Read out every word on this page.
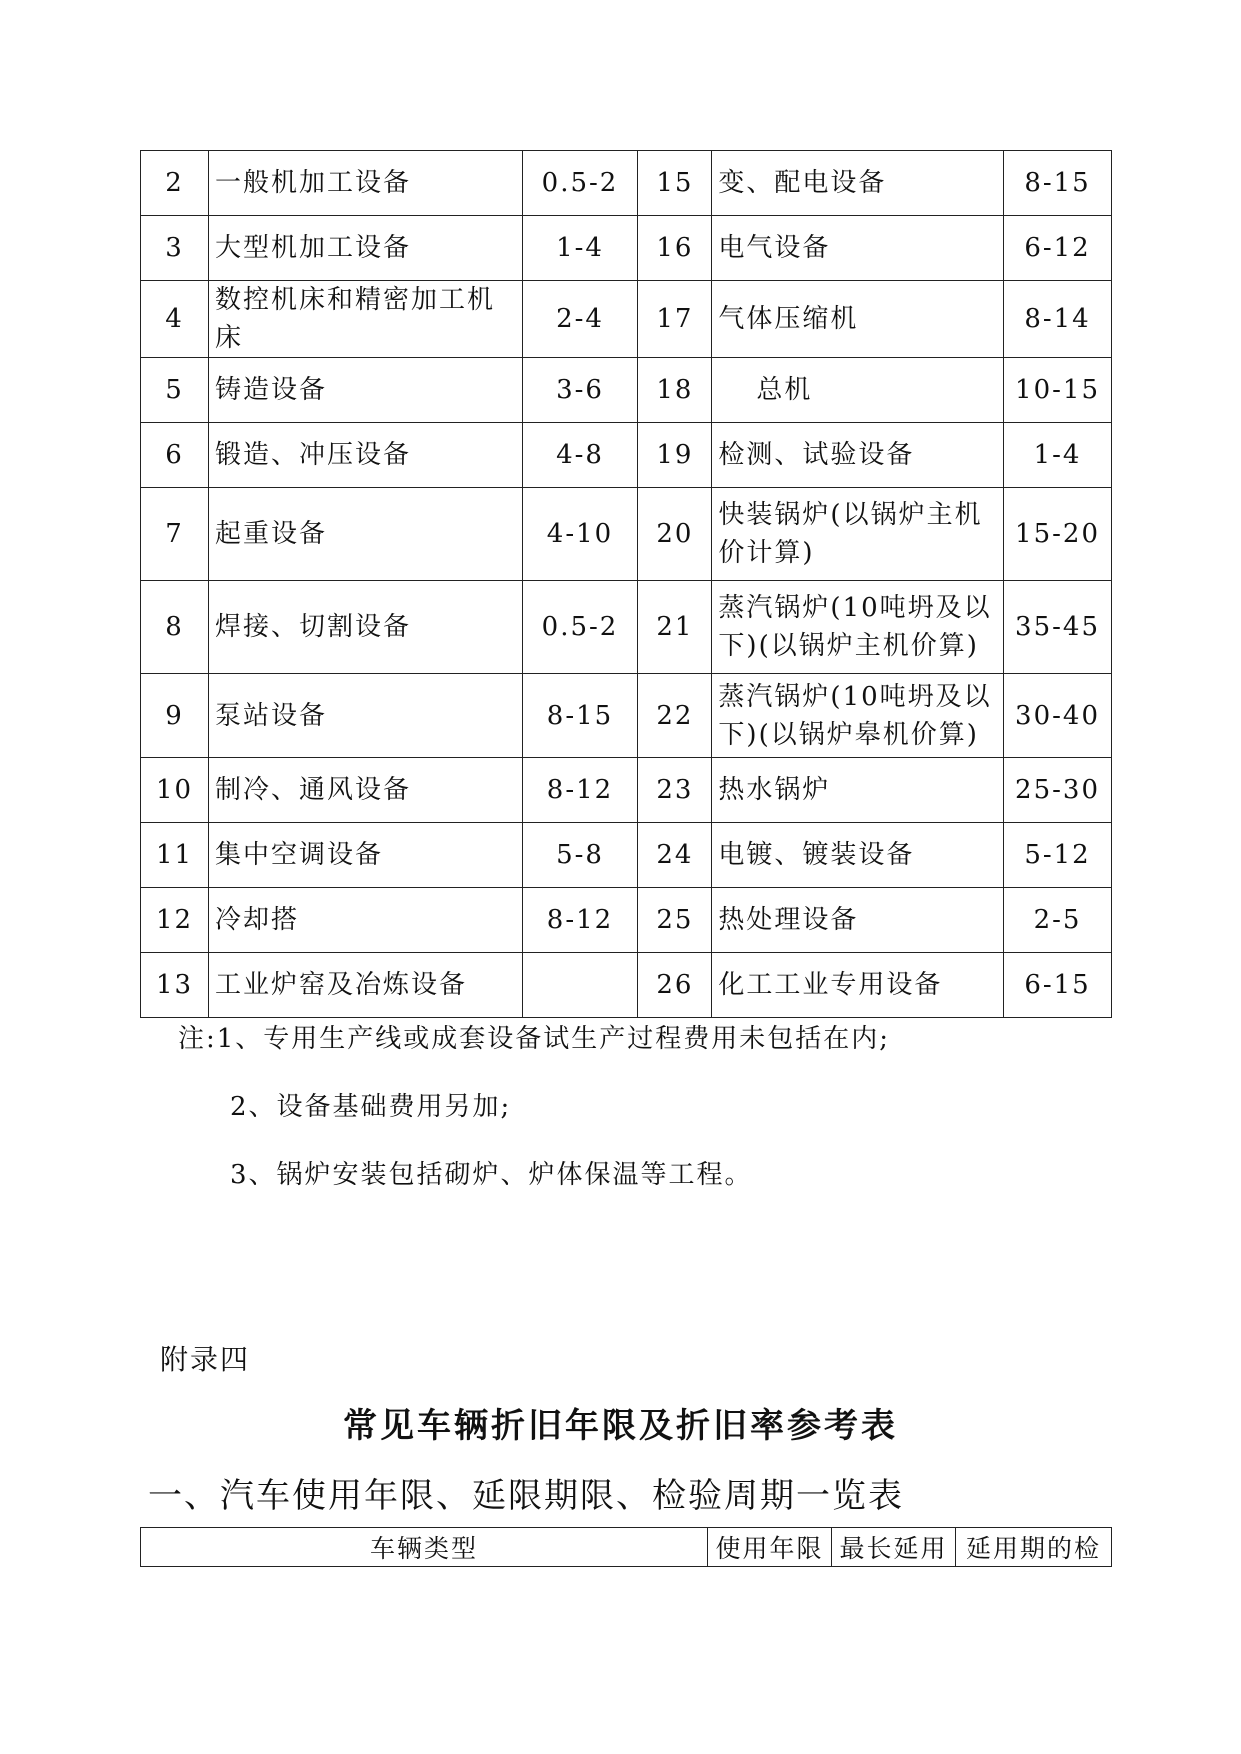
2	一般机加工设备	0.5-2	15	变、配电设备	8-15
3	大型机加工设备	1-4	16	电气设备	6-12
4	数控机床和精密加工机床	2-4	17	气体压缩机	8-14
5	铸造设备	3-6	18	总机	10-15
6	锻造、冲压设备	4-8	19	检测、试验设备	1-4
7	起重设备	4-10	20	快装锅炉(以锅炉主机价计算)	15-20
8	焊接、切割设备	0.5-2	21	蒸汽锅炉(10吨坍及以下)(以锅炉主机价算)	35-45
9	泵站设备	8-15	22	蒸汽锅炉(10吨坍及以下)(以锅炉皋机价算)	30-40
10	制冷、通风设备	8-12	23	热水锅炉	25-30
11	集中空调设备	5-8	24	电镀、镀装设备	5-12
12	冷却搭	8-12	25	热处理设备	2-5
13	工业炉窑及冶炼设备		26	化工工业专用设备	6-15
注:1、专用生产线或成套设备试生产过程费用未包括在内;
2、设备基础费用另加;
3、锅炉安装包括砌炉、炉体保温等工程。
附录四
常见车辆折旧年限及折旧率参考表
一、汽车使用年限、延限期限、检验周期一览表
车辆类型	使用年限	最长延用	延用期的检
